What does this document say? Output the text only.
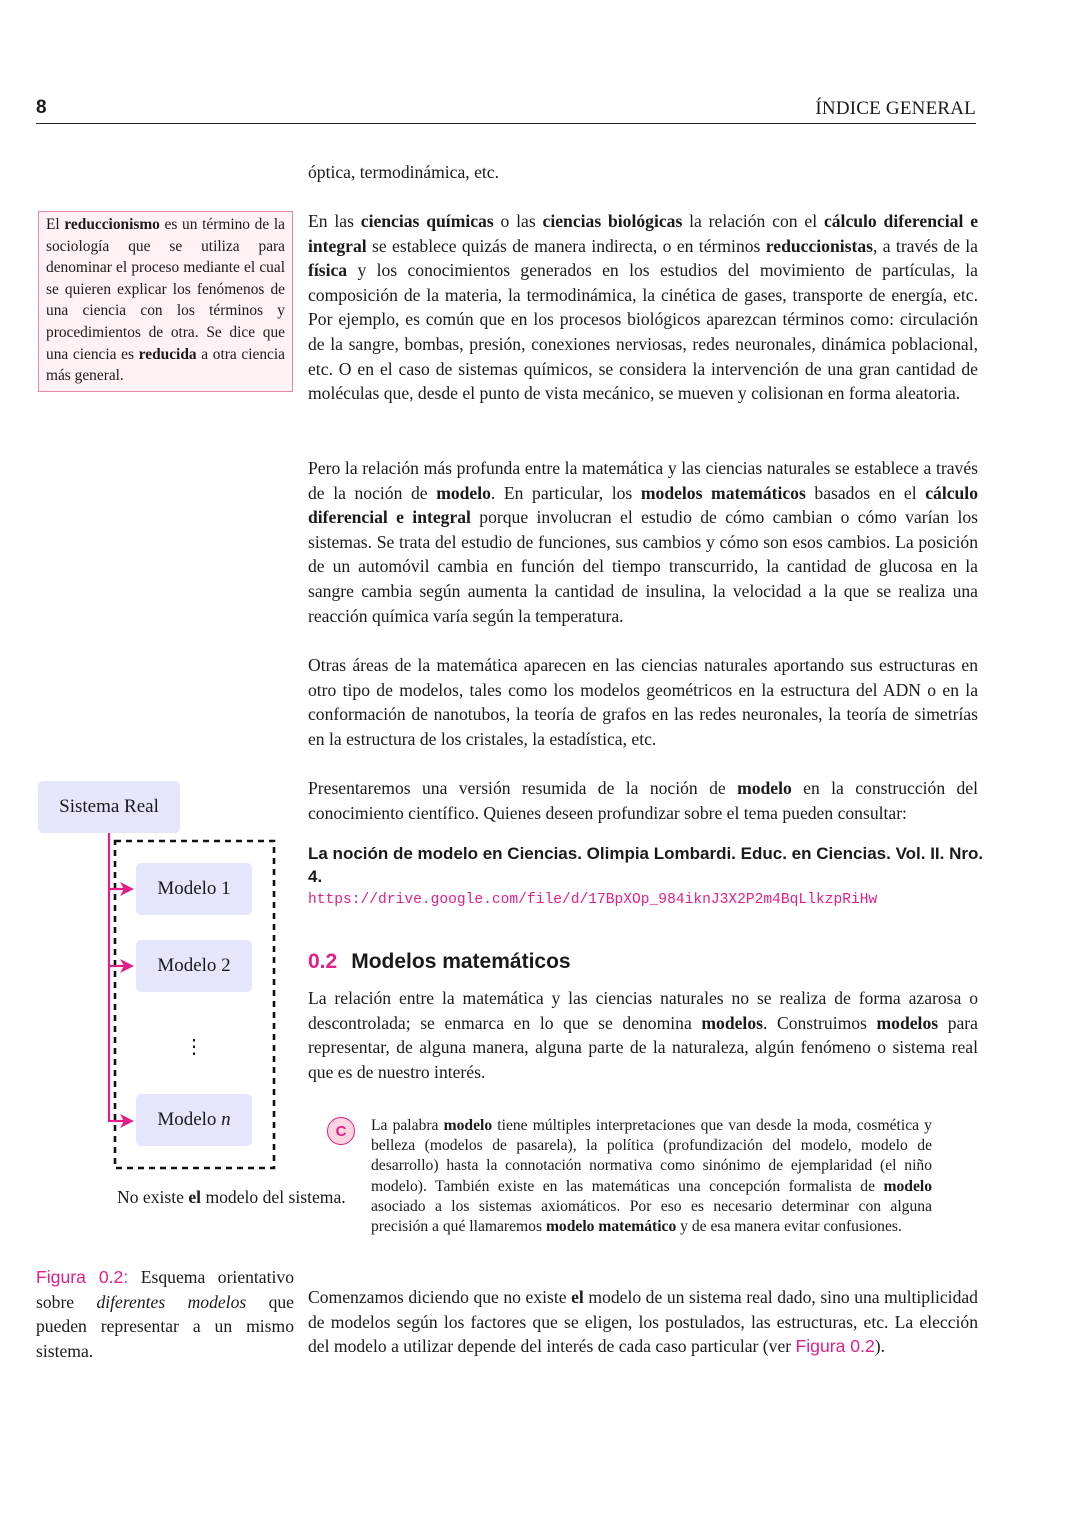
8	ÍNDICE GENERAL
El reduccionismo es un término de la sociología que se utiliza para denominar el proceso mediante el cual se quieren explicar los fenómenos de una ciencia con los términos y procedimientos de otra. Se dice que una ciencia es reducida a otra ciencia más general.
óptica, termodinámica, etc.
En las ciencias químicas o las ciencias biológicas la relación con el cálculo diferencial e integral se establece quizás de manera indirecta, o en términos reduccionistas, a través de la física y los conocimientos generados en los estudios del movimiento de partículas, la composición de la materia, la termodinámica, la cinética de gases, transporte de energía, etc. Por ejemplo, es común que en los procesos biológicos aparezcan términos como: circulación de la sangre, bombas, presión, conexiones nerviosas, redes neuronales, dinámica poblacional, etc. O en el caso de sistemas químicos, se considera la intervención de una gran cantidad de moléculas que, desde el punto de vista mecánico, se mueven y colisionan en forma aleatoria.
Pero la relación más profunda entre la matemática y las ciencias naturales se establece a través de la noción de modelo. En particular, los modelos matemáticos basados en el cálculo diferencial e integral porque involucran el estudio de cómo cambian o cómo varían los sistemas. Se trata del estudio de funciones, sus cambios y cómo son esos cambios. La posición de un automóvil cambia en función del tiempo transcurrido, la cantidad de glucosa en la sangre cambia según aumenta la cantidad de insulina, la velocidad a la que se realiza una reacción química varía según la temperatura.
Otras áreas de la matemática aparecen en las ciencias naturales aportando sus estructuras en otro tipo de modelos, tales como los modelos geométricos en la estructura del ADN o en la conformación de nanotubos, la teoría de grafos en las redes neuronales, la teoría de simetrías en la estructura de los cristales, la estadística, etc.
Presentaremos una versión resumida de la noción de modelo en la construcción del conocimiento científico. Quienes deseen profundizar sobre el tema pueden consultar:
La noción de modelo en Ciencias. Olimpia Lombardi. Educ. en Ciencias. Vol. II. Nro. 4.
https://drive.google.com/file/d/17BpXOp_984iknJ3X2P2m4BqLlkzpRiHw
0.2 Modelos matemáticos
La relación entre la matemática y las ciencias naturales no se realiza de forma azarosa o descontrolada; se enmarca en lo que se denomina modelos. Construimos modelos para representar, de alguna manera, alguna parte de la naturaleza, algún fenómeno o sistema real que es de nuestro interés.
C	La palabra modelo tiene múltiples interpretaciones que van desde la moda, cosmética y belleza (modelos de pasarela), la política (profundización del modelo, modelo de desarrollo) hasta la connotación normativa como sinónimo de ejemplaridad (el niño modelo). También existe en las matemáticas una concepción formalista de modelo asociado a los sistemas axiomáticos. Por eso es necesario determinar con alguna precisión a qué llamaremos modelo matemático y de esa manera evitar confusiones.
Comenzamos diciendo que no existe el modelo de un sistema real dado, sino una multiplicidad de modelos según los factores que se eligen, los postulados, las estructuras, etc. La elección del modelo a utilizar depende del interés de cada caso particular (ver Figura 0.2).
Sistema Real
Modelo 1
Modelo 2
⋮
Modelo
n
No existe el modelo del sistema.
Figura 0.2: Esquema orientativo sobre diferentes modelos que pueden representar a un mismo sistema.
